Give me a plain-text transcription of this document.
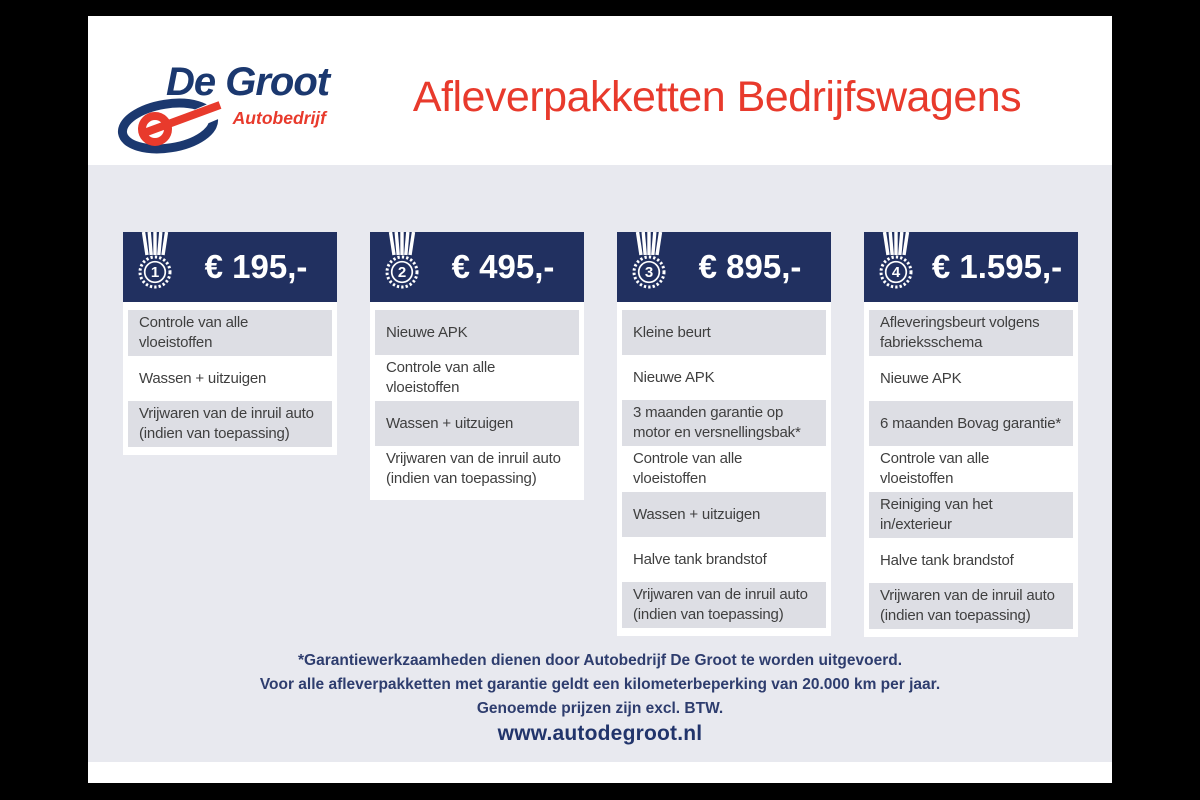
De Groot
Autobedrijf	Afleverpakketten Bedrijfswagens
1	€ 195,-
Controle van alle vloeistoffen
Wassen + uitzuigen
Vrijwaren van de inruil auto (indien van toepassing)
2	€ 495,-
Nieuwe APK
Controle van alle vloeistoffen
Wassen + uitzuigen
Vrijwaren van de inruil auto (indien van toepassing)
3	€ 895,-
Kleine beurt
Nieuwe APK
3 maanden garantie op motor en versnellingsbak*
Controle van alle vloeistoffen
Wassen + uitzuigen
Halve tank brandstof
Vrijwaren van de inruil auto (indien van toepassing)
4 € 1.595,-
Afleveringsbeurt volgens fabrieksschema
Nieuwe APK
6 maanden Bovag garantie*
Controle van alle vloeistoffen
Reiniging van het in/exterieur
Halve tank brandstof
Vrijwaren van de inruil auto (indien van toepassing)

*Garantiewerkzaamheden dienen door Autobedrijf De Groot te worden uitgevoerd.

Voor alle afleverpakketten met garantie geldt een kilometerbeperking van 20.000 km per jaar.

Genoemde prijzen zijn excl. BTW.

www.autodegroot.nl
